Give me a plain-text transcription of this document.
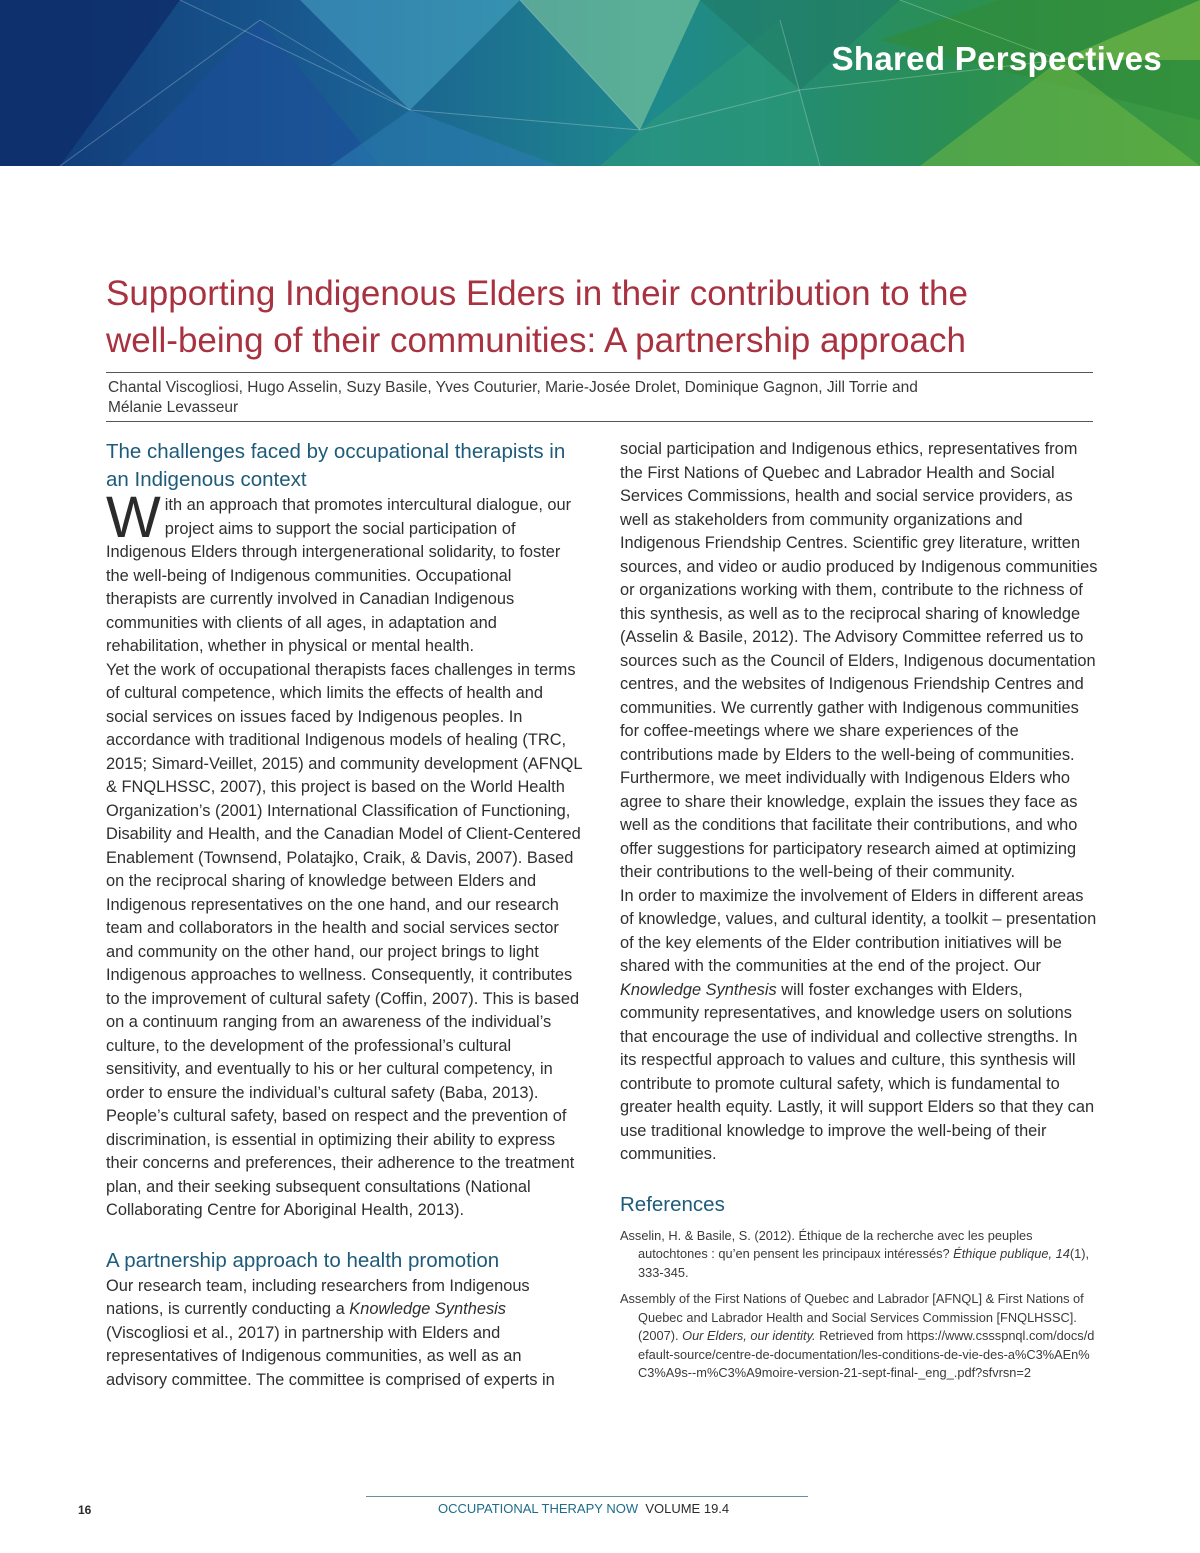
Shared Perspectives
Supporting Indigenous Elders in their contribution to the
well-being of their communities: A partnership approach

Chantal Viscogliosi, Hugo Asselin, Suzy Basile, Yves Couturier, Marie-Josée Drolet, Dominique Gagnon, Jill Torrie and
Mélanie Levasseur

The challenges faced by occupational therapists in an Indigenous context

With an approach that promotes intercultural dialogue, our project aims to support the social participation of Indigenous Elders through intergenerational solidarity, to foster the well-being of Indigenous communities. Occupational therapists are currently involved in Canadian Indigenous communities with clients of all ages, in adaptation and rehabilitation, whether in physical or mental health.

Yet the work of occupational therapists faces challenges in terms of cultural competence, which limits the effects of health and social services on issues faced by Indigenous peoples. In accordance with traditional Indigenous models of healing (TRC, 2015; Simard-Veillet, 2015) and community development (AFNQL & FNQLHSSC, 2007), this project is based on the World Health Organization’s (2001) International Classification of Functioning, Disability and Health, and the Canadian Model of Client-Centered Enablement (Townsend, Polatajko, Craik, & Davis, 2007). Based on the reciprocal sharing of knowledge between Elders and Indigenous representatives on the one hand, and our research team and collaborators in the health and social services sector and community on the other hand, our project brings to light Indigenous approaches to wellness. Consequently, it contributes to the improvement of cultural safety (Coffin, 2007). This is based on a continuum ranging from an awareness of the individual’s culture, to the development of the professional’s cultural sensitivity, and eventually to his or her cultural competency, in order to ensure the individual’s cultural safety (Baba, 2013). People’s cultural safety, based on respect and the prevention of discrimination, is essential in optimizing their ability to express their concerns and preferences, their adherence to the treatment plan, and their seeking subsequent consultations (National Collaborating Centre for Aboriginal Health, 2013).

A partnership approach to health promotion

Our research team, including researchers from Indigenous nations, is currently conducting a Knowledge Synthesis (Viscogliosi et al., 2017) in partnership with Elders and representatives of Indigenous communities, as well as an advisory committee. The committee is comprised of experts in

social participation and Indigenous ethics, representatives from the First Nations of Quebec and Labrador Health and Social Services Commissions, health and social service providers, as well as stakeholders from community organizations and Indigenous Friendship Centres. Scientific grey literature, written sources, and video or audio produced by Indigenous communities or organizations working with them, contribute to the richness of this synthesis, as well as to the reciprocal sharing of knowledge (Asselin & Basile, 2012). The Advisory Committee referred us to sources such as the Council of Elders, Indigenous documentation centres, and the websites of Indigenous Friendship Centres and communities. We currently gather with Indigenous communities for coffee-meetings where we share experiences of the contributions made by Elders to the well-being of communities. Furthermore, we meet individually with Indigenous Elders who agree to share their knowledge, explain the issues they face as well as the conditions that facilitate their contributions, and who offer suggestions for participatory research aimed at optimizing their contributions to the well-being of their community.

In order to maximize the involvement of Elders in different areas of knowledge, values, and cultural identity, a toolkit – presentation of the key elements of the Elder contribution initiatives will be shared with the communities at the end of the project. Our Knowledge Synthesis will foster exchanges with Elders, community representatives, and knowledge users on solutions that encourage the use of individual and collective strengths. In its respectful approach to values and culture, this synthesis will contribute to promote cultural safety, which is fundamental to greater health equity. Lastly, it will support Elders so that they can use traditional knowledge to improve the well-being of their communities.

References

Asselin, H. & Basile, S. (2012). Éthique de la recherche avec les peuples autochtones : qu’en pensent les principaux intéressés? Éthique publique, 14(1), 333-345.

Assembly of the First Nations of Quebec and Labrador [AFNQL] & First Nations of Quebec and Labrador Health and Social Services Commission [FNQLHSSC]. (2007). Our Elders, our identity. Retrieved from https://www.cssspnql.com/docs/default-source/centre-de-documentation/les-conditions-de-vie-des-a%C3%AEn%C3%A9s--m%C3%A9moire-version-21-sept-final-_eng_.pdf?sfvrsn=2

16	OCCUPATIONAL THERAPY NOW VOLUME 19.4
